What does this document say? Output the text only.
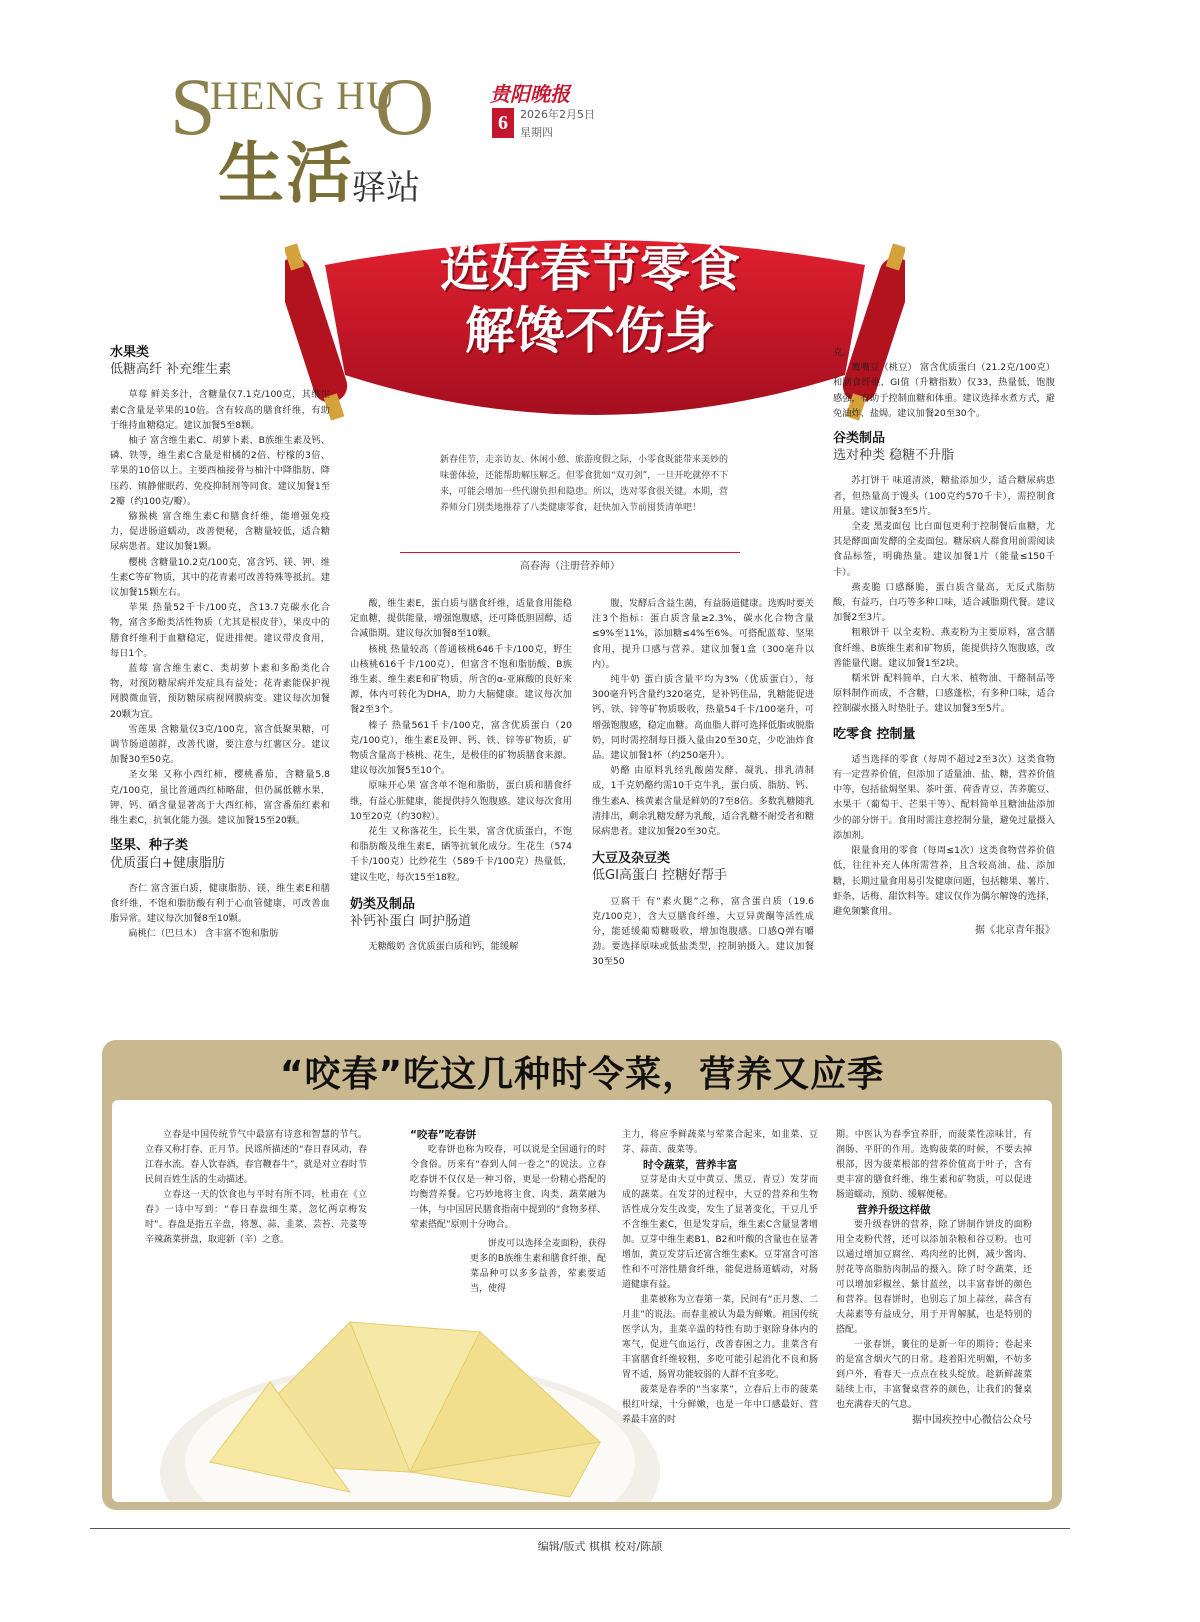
S
HENG HU
O
生活
驿站
贵阳晚报
6	2026年2月5日
星期四
选好春节零食
解馋不伤身
新春佳节，走亲访友、休闲小憩、旅游度假之际，小零食既能带来美妙的味蕾体验，还能帮助解压解乏。但零食犹如“双刃剑”，一旦开吃就停不下来，可能会增加一些代谢负担和隐患。所以，选对零食很关键。本期，营养师分门别类地推荐了八类健康零食，赶快加入节前囤货清单吧！
高春海（注册营养师）
水果类
低糖高纤 补充维生素

草莓 鲜美多汁，含糖量仅7.1克/100克，其维生素C含量是苹果的10倍。含有较高的膳食纤维，有助于维持血糖稳定。建议加餐5至8颗。

柚子 富含维生素C、胡萝卜素、B族维生素及钙、磷、铁等，维生素C含量是柑橘的2倍、柠檬的3倍、苹果的10倍以上。主要西柚接骨与柚汁中降脂肪、降压药、镇静催眠药、免疫抑制剂等同食。建议加餐1至2瓣（约100克/瓣）。

猕猴桃 富含维生素C和膳食纤维，能增强免疫力，促进肠道蠕动，改善便秘，含糖量较低，适合糖尿病患者。建议加餐1颗。

樱桃 含糖量10.2克/100克，富含钙、镁、钾、维生素C等矿物质，其中的花青素可改善特殊等抵抗。建议加餐15颗左右。

苹果 热量52千卡/100克，含13.7克碳水化合物，富含多酚类活性物质（尤其是根皮苷），果皮中的膳食纤维利于血糖稳定，促进排便。建议带皮食用，每日1个。

蓝莓 富含维生素C、类胡萝卜素和多酚类化合物，对预防糖尿病并发症具有益处；花青素能保护视网膜微血管，预防糖尿病视网膜病变。建议每次加餐20颗为宜。

雪莲果 含糖量仅3克/100克，富含低聚果糖，可调节肠道菌群，改善代谢，要注意与红薯区分。建议加餐30至50克。

圣女果 又称小西红柿，樱桃番茄，含糖量5.8克/100克，虽比普通西红柿略甜，但仍属低糖水果，钾、钙、硒含量显著高于大西红柿，富含番茄红素和维生素C，抗氧化能力强。建议加餐15至20颗。

坚果、种子类
优质蛋白+健康脂肪

杏仁 富含蛋白质，健康脂肪、镁、维生素E和膳食纤维，不饱和脂肪酸有利于心血管健康，可改善血脂异常。建议每次加餐8至10颗。

扁桃仁（巴旦木） 含丰富不饱和脂肪

酸，维生素E，蛋白质与膳食纤维，适量食用能稳定血糖，提供能量，增强饱腹感，还可降低胆固醇，适合减脂期。建议每次加餐8至10颗。

核桃 热量较高（普通核桃646千卡/100克，野生山核桃616千卡/100克），但富含不饱和脂肪酸、B族维生素、维生素E和矿物质，所含的α-亚麻酸的良好来源，体内可转化为DHA，助力大脑健康。建议每次加餐2至3个。

榛子 热量561千卡/100克，富含优质蛋白（20克/100克），维生素E及钾、钙、铁、锌等矿物质，矿物质含量高于核桃、花生，是极佳的矿物质膳食来源。建议每次加餐5至10个。

原味开心果 富含单不饱和脂肪，蛋白质和膳食纤维，有益心脏健康，能提供持久饱腹感。建议每次食用10至20克（约30粒）。

花生 又称落花生，长生果，富含优质蛋白，不饱和脂肪酸及维生素E，硒等抗氧化成分。生花生（574千卡/100克）比炒花生（589千卡/100克）热量低，建议生吃，每次15至18粒。

奶类及制品
补钙补蛋白 呵护肠道

无糖酸奶 含优质蛋白质和钙，能缓解

腹，发酵后含益生菌，有益肠道健康。选购时要关注3个指标：蛋白质含量≥2.3%，碳水化合物含量≤9%至11%，添加糖≤4%至6%。可搭配蓝莓、坚果食用，提升口感与营养。建议加餐1盒（300毫升以内）。

纯牛奶 蛋白质含量平均为3%（优质蛋白），每300毫升钙含量约320毫克，是补钙佳品，乳糖能促进钙、铁、锌等矿物质吸收，热量54千卡/100毫升，可增强饱腹感，稳定血糖。高血脂人群可选择低脂或脱脂奶，同时需控制每日摄入量由20至30克，少吃油炸食品。建议加餐1杯（约250毫升）。

奶酪 由原料乳经乳酸菌发酵、凝乳、排乳清制成，1千克奶酪约需10千克牛乳，蛋白质、脂肪、钙、维生素A、核黄素含量是鲜奶的7至8倍。多数乳糖随乳清排出，剩余乳糖发酵为乳酸，适合乳糖不耐受者和糖尿病患者。建议加餐20至30克。

大豆及杂豆类
低GI高蛋白 控糖好帮手

豆腐干 有“素火腿”之称，富含蛋白质（19.6克/100克），含大豆膳食纤维，大豆异黄酮等活性成分，能延缓葡萄糖吸收，增加饱腹感。口感Q弹有嚼劲。要选择原味或低盐类型，控制钠摄入。建议加餐30至50

克。

鹰嘴豆（桃豆） 富含优质蛋白（21.2克/100克）和膳食纤维，GI值（升糖指数）仅33，热量低，饱腹感强，有助于控制血糖和体重。建议选择水煮方式，避免油炸、盐焗。建议加餐20至30个。

谷类制品
选对种类 稳糖不升脂

苏打饼干 味道清淡，糖盐添加少，适合糖尿病患者，但热量高于馒头（100克约570千卡），需控制食用量。建议加餐3至5片。

全麦 黑麦面包 比白面包更利于控制餐后血糖，尤其是酵面面发酵的全麦面包。糖尿病人群食用前需阅读食品标签，明确热量。建议加餐1片（能量≤150千卡）。

燕麦脆 口感酥脆，蛋白质含量高，无反式脂肪酸，有益巧，白巧等多种口味，适合减脂期代餐。建议加餐2至3片。

粗粮饼干 以全麦粉、燕麦粉为主要原料，富含膳食纤维、B族维生素和矿物质，能提供持久饱腹感，改善能量代谢。建议加餐1至2块。

糯米饼 配料简单，白大米、植物油、干酪制品等原料制作而成，不含糖，口感蓬松，有多种口味，适合控制碳水摄入时垫肚子。建议加餐3至5片。

吃零食 控制量

适当选择的零食（每周不超过2至3次）这类食物有一定营养价值，但添加了适量油、盐、糖，营养价值中等，包括盐焗坚果、茶叶蛋、荷香青豆、苦荞脆豆、水果干（葡萄干、芒果干等）、配料简单且糖油盐添加少的部分饼干。食用时需注意控制分量，避免过量摄入添加剂。

限量食用的零食（每周≤1次）这类食物营养价值低，往往补充人体所需营养，且含较高油、盐、添加糖，长期过量食用易引发健康问题，包括糖果、薯片、虾条、话梅、甜饮料等。建议仅作为偶尔解馋的选择，避免频繁食用。

据《北京青年报》
“咬春”吃这几种时令菜，营养又应季

立春是中国传统节气中最富有诗意和智慧的节气。立春又称打春、正月节。民谣所描述的“春日春风动，春江春水流。春人饮春酒，春官鞭春牛”，就是对立春时节民间百姓生活的生动描述。

立春这一天的饮食也与平时有所不同，杜甫在《立春》一诗中写到：“春日春盘细生菜，忽忆两京梅发时”。春盘是指五辛盘，将葱、蒜、韭菜、芸苔、芫荽等辛辣蔬菜拼盘，取迎新（辛）之意。

“咬春”吃春饼

吃春饼也称为咬春，可以说是全国通行的时令食俗。历来有“春到人间一卷之”的说法。立春吃春饼不仅仅是一种习俗，更是一份精心搭配的均衡营养餐。它巧妙地将主食、肉类、蔬菜融为一体，与中国居民膳食指南中提到的“食物多样、荤素搭配”原则十分吻合。

饼皮可以选择全麦面粉，获得更多的B族维生素和膳食纤维，配菜品种可以多多益善，荤素要适当，使得

主力，将应季鲜蔬菜与荤菜合起来，如韭菜、豆芽、蒜苗、菠菜等。
时令蔬菜，营养丰富

豆芽是由大豆中黄豆、黑豆、青豆）发芽而成的蔬菜。在发芽的过程中，大豆的营养和生物活性成分发生改变，发生了显著变化，干豆几乎不含维生素C，但是发芽后，维生素C含量显著增加。豆芽中维生素B1、B2和叶酸的含量也在显著增加，黄豆发芽后还富含维生素K。豆芽富含可溶性和不可溶性膳食纤维，能促进肠道蠕动，对肠道健康有益。

韭菜被称为立春第一菜，民间有“正月葱、二月韭”的说法。而春韭被认为最为鲜嫩。祖国传统医学认为，韭菜辛温的特性有助于驱除身体内的寒气，促进气血运行，改善春困之力。韭菜含有丰富膳食纤维较粗，多吃可能引起消化不良和肠胃不适，肠胃功能较弱的人群不宜多吃。

菠菜是春季的“当家菜”，立春后上市的菠菜根红叶绿，十分鲜嫩，也是一年中口感最好、营养最丰富的时

期。中医认为春季宜养肝，而菠菜性凉味甘，有润肠、平肝的作用。选购菠菜的时候，不要去掉根部，因为菠菜根部的营养价值高于叶子，含有更丰富的膳食纤维、维生素和矿物质，可以促进肠道蠕动，预防、缓解便秘。
营养升级这样做

要升级春饼的营养，除了饼制作饼皮的面粉用全麦粉代替，还可以添加杂粮和谷豆粉。也可以通过增加豆腐丝、鸡肉丝的比例，减少酱肉、肘花等高脂肪肉制品的摄入。除了时令蔬菜，还可以增加彩椒丝、紫甘蓝丝，以丰富春饼的颜色和营养。包春饼时，也别忘了加上蒜丝，蒜含有大蒜素等有益成分，用于开胃解腻，也是特别的搭配。

一张春饼，裹住的是新一年的期待；卷起来的是富含烟火气的日常。趁着阳光明媚，不妨多到户外，看春天一点点在枝头绽放。趁新鲜蔬菜陆续上市，丰富餐桌营养的颜色，让我们的餐桌也充满春天的气息。

据中国疾控中心微信公众号
编辑/版式 棋棋 校对/陈颉
